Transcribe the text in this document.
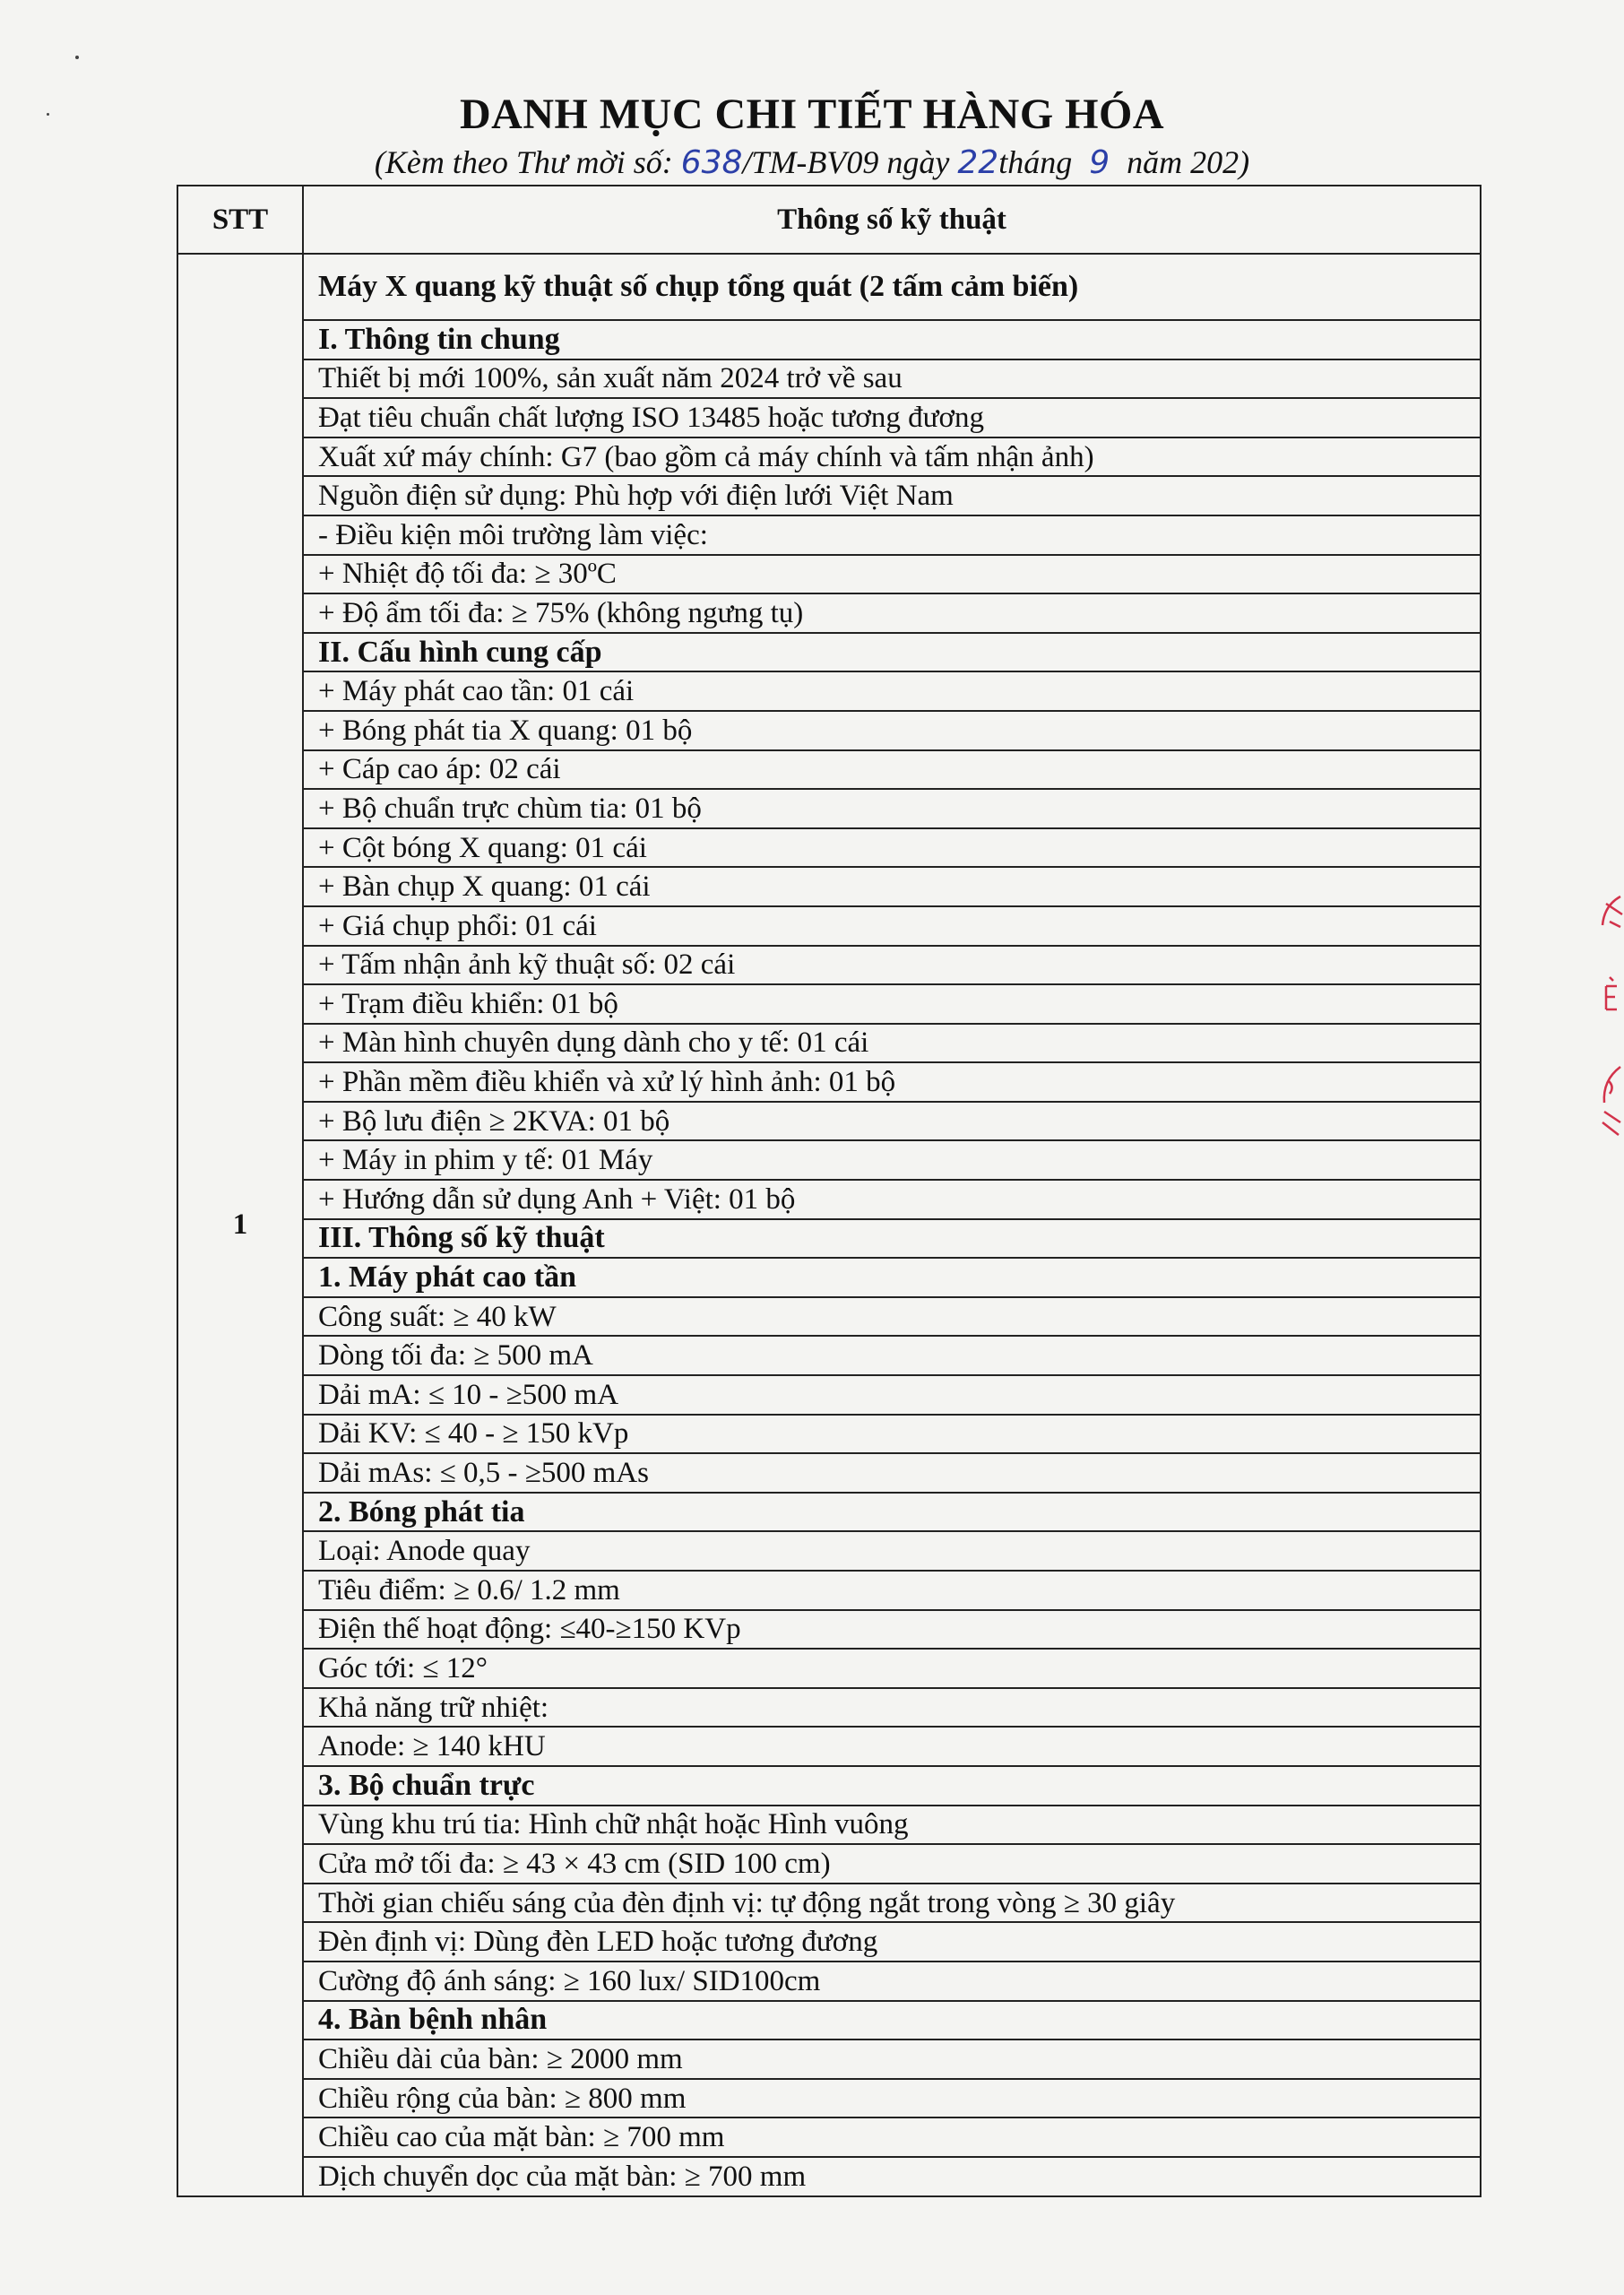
DANH MỤC CHI TIẾT HÀNG HÓA
(Kèm theo Thư mời số: 638/TM-BV09 ngày 22tháng 9 năm 202)
STT	Thông số kỹ thuật
1	Máy X quang kỹ thuật số chụp tổng quát (2 tấm cảm biến)
	I. Thông tin chung
	Thiết bị mới 100%, sản xuất năm 2024 trở về sau
	Đạt tiêu chuẩn chất lượng ISO 13485 hoặc tương đương
	Xuất xứ máy chính: G7 (bao gồm cả máy chính và tấm nhận ảnh)
	Nguồn điện sử dụng: Phù hợp với điện lưới Việt Nam
	- Điều kiện môi trường làm việc:
	+ Nhiệt độ tối đa: ≥ 30ºC
	+ Độ ẩm tối đa: ≥ 75% (không ngưng tụ)
	II. Cấu hình cung cấp
	+ Máy phát cao tần: 01 cái
	+ Bóng phát tia X quang: 01 bộ
	+ Cáp cao áp: 02 cái
	+ Bộ chuẩn trực chùm tia: 01 bộ
	+ Cột bóng X quang: 01 cái
	+ Bàn chụp X quang: 01 cái
	+ Giá chụp phổi: 01 cái
	+ Tấm nhận ảnh kỹ thuật số: 02 cái
	+ Trạm điều khiển: 01 bộ
	+ Màn hình chuyên dụng dành cho y tế: 01 cái
	+ Phần mềm điều khiển và xử lý hình ảnh: 01 bộ
	+ Bộ lưu điện ≥ 2KVA: 01 bộ
	+ Máy in phim y tế: 01 Máy
	+ Hướng dẫn sử dụng Anh + Việt: 01 bộ
	III. Thông số kỹ thuật
	1. Máy phát cao tần
	Công suất: ≥ 40 kW
	Dòng tối đa: ≥ 500 mA
	Dải mA: ≤ 10 - ≥500 mA
	Dải KV: ≤ 40 - ≥ 150 kVp
	Dải mAs: ≤ 0,5 - ≥500 mAs
	2. Bóng phát tia
	Loại: Anode quay
	Tiêu điểm: ≥ 0.6/ 1.2 mm
	Điện thế hoạt động: ≤40-≥150 KVp
	Góc tới: ≤ 12°
	Khả năng trữ nhiệt:
	Anode: ≥ 140 kHU
	3. Bộ chuẩn trực
	Vùng khu trú tia: Hình chữ nhật hoặc Hình vuông
	Cửa mở tối đa: ≥ 43 × 43 cm (SID 100 cm)
	Thời gian chiếu sáng của đèn định vị: tự động ngắt trong vòng ≥ 30 giây
	Đèn định vị: Dùng đèn LED hoặc tương đương
	Cường độ ánh sáng: ≥ 160 lux/ SID100cm
	4. Bàn bệnh nhân
	Chiều dài của bàn: ≥ 2000 mm
	Chiều rộng của bàn: ≥ 800 mm
	Chiều cao của mặt bàn: ≥ 700 mm
	Dịch chuyển dọc của mặt bàn: ≥ 700 mm
